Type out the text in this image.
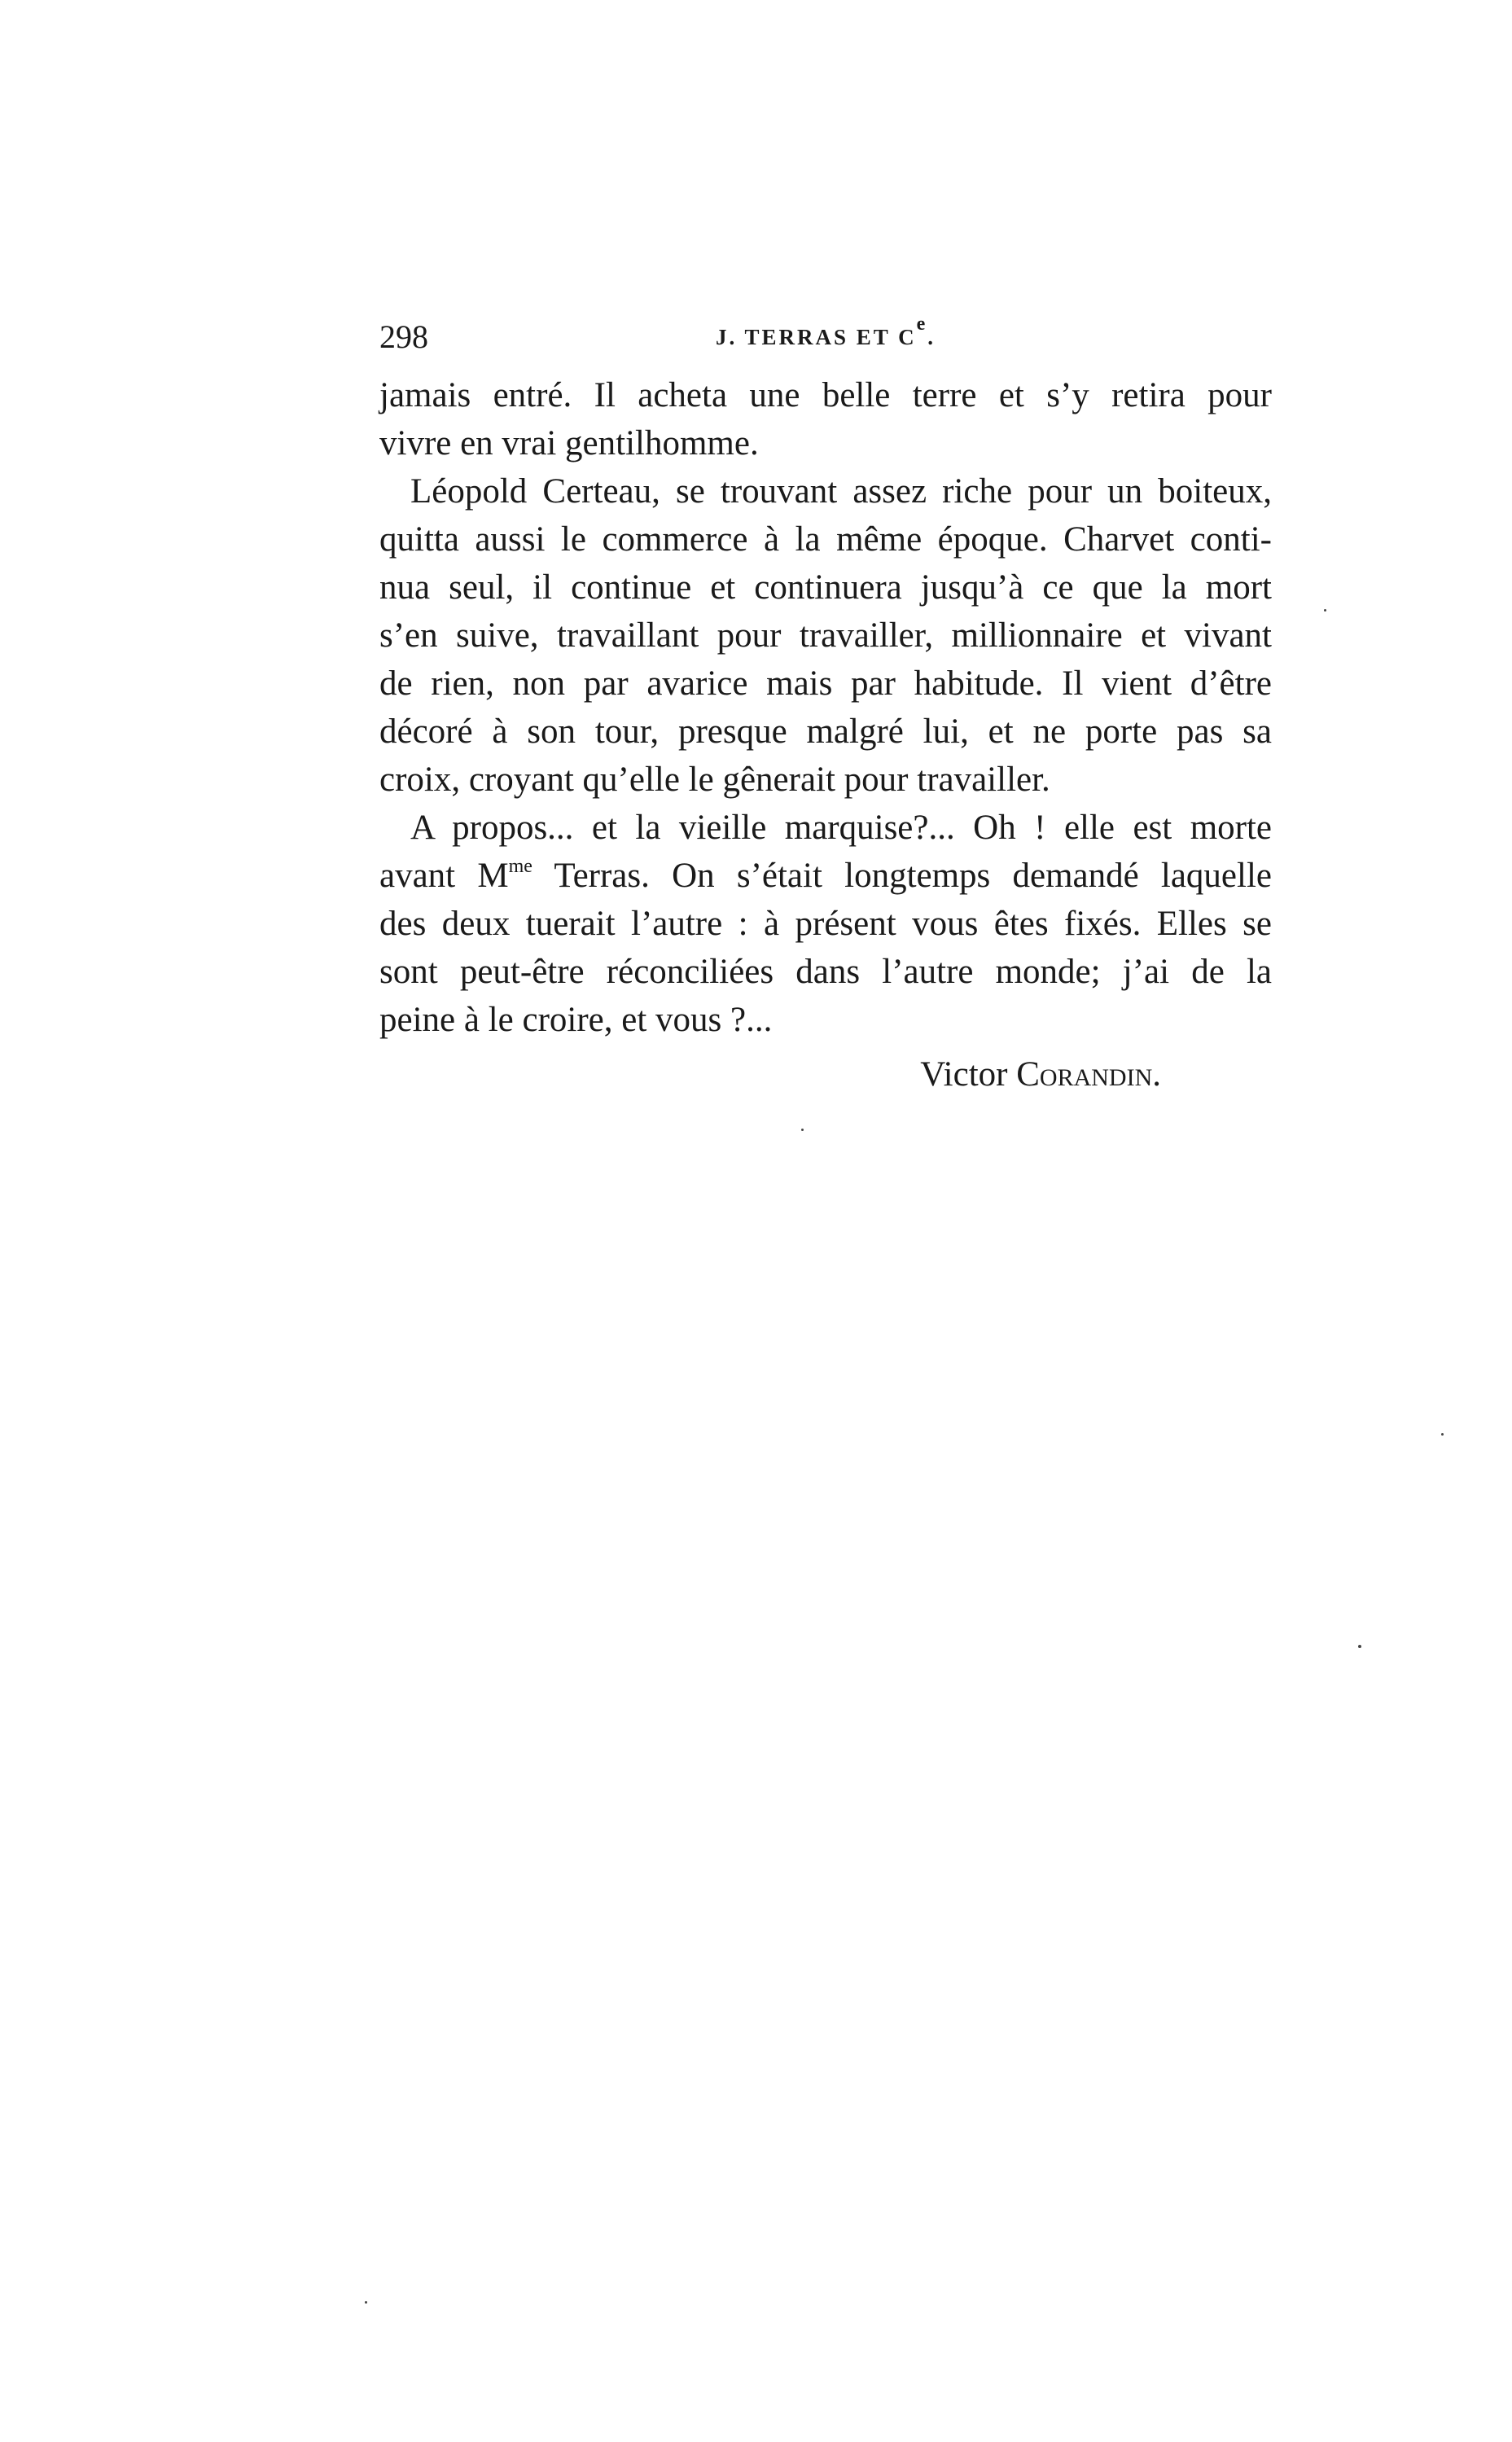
298	J. TERRAS ET Ce.
jamais entré. Il acheta une belle terre et s’y retira pour
vivre en vrai gentilhomme.
Léopold Certeau, se trouvant assez riche pour un boiteux,
quitta aussi le commerce à la même époque. Charvet conti-
nua seul, il continue et continuera jusqu’à ce que la mort
s’en suive, travaillant pour travailler, millionnaire et vivant
de rien, non par avarice mais par habitude. Il vient d’être
décoré à son tour, presque malgré lui, et ne porte pas sa
croix, croyant qu’elle le gênerait pour travailler.
A propos... et la vieille marquise?... Oh ! elle est morte
avant $M^{me}$ Terras. On s’était longtemps demandé laquelle
des deux tuerait l’autre : à présent vous êtes fixés. Elles se
sont peut-être réconciliées dans l’autre monde; j’ai de la
peine à le croire, et vous ?...
Victor Corandin.
